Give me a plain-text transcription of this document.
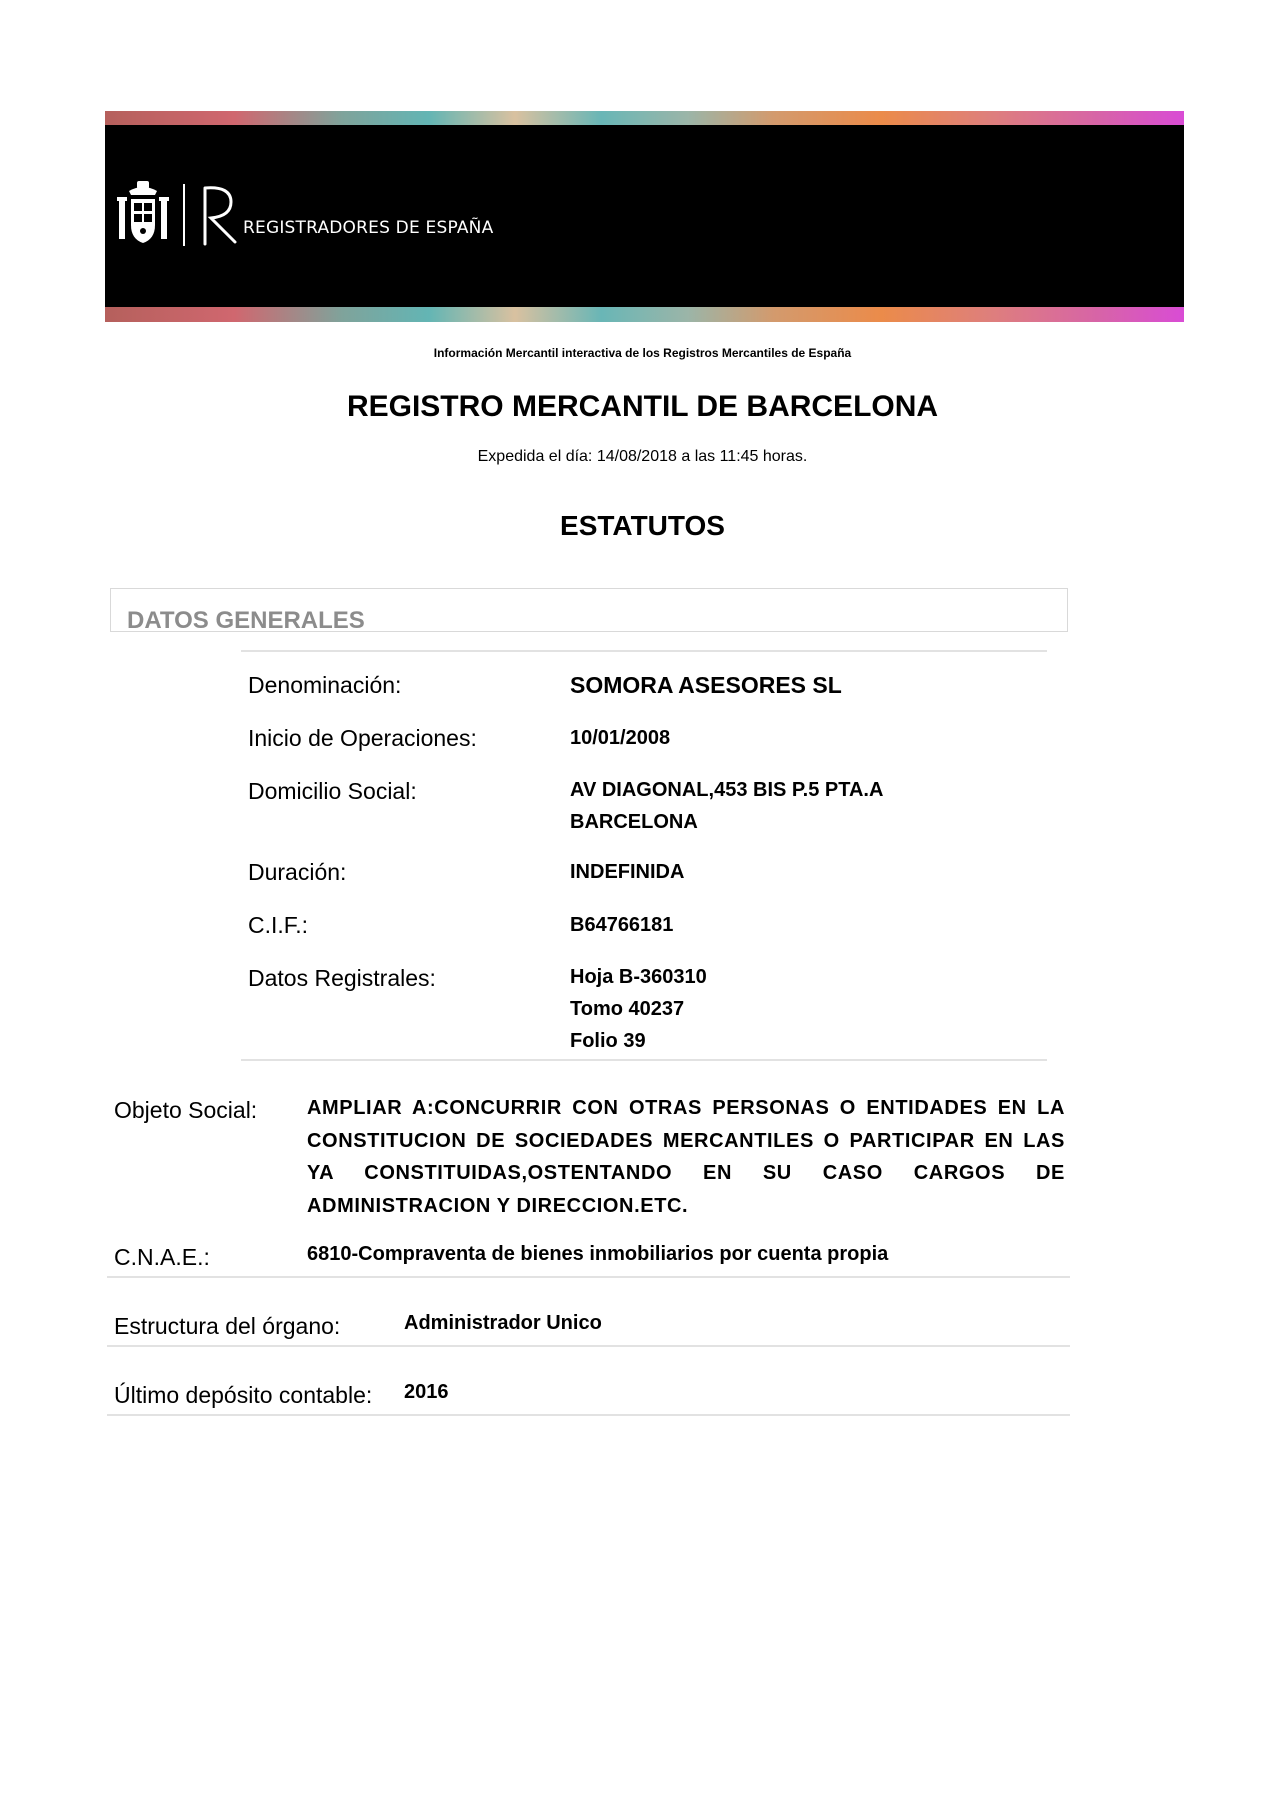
REGISTRADORES DE ESPAÑA
Información Mercantil interactiva de los Registros Mercantiles de España
REGISTRO MERCANTIL DE BARCELONA
Expedida el día: 14/08/2018 a las 11:45 horas.
ESTATUTOS
DATOS GENERALES
Denominación:	SOMORA ASESORES SL
Inicio de Operaciones:	10/01/2008
Domicilio Social:	AV DIAGONAL,453 BIS P.5 PTA.A
BARCELONA
Duración:	INDEFINIDA
C.I.F.:	B64766181
Datos Registrales:	Hoja B-360310
Tomo 40237
Folio 39
Objeto Social: AMPLIAR A:CONCURRIR CON OTRAS PERSONAS O ENTIDADES EN LA CONSTITUCION DE SOCIEDADES MERCANTILES O PARTICIPAR EN LAS YA CONSTITUIDAS,OSTENTANDO EN SU CASO CARGOS DE ADMINISTRACION Y DIRECCION.ETC.
C.N.A.E.:	6810-Compraventa de bienes inmobiliarios por cuenta propia
Estructura del órgano:	Administrador Unico
Último depósito contable: 2016
